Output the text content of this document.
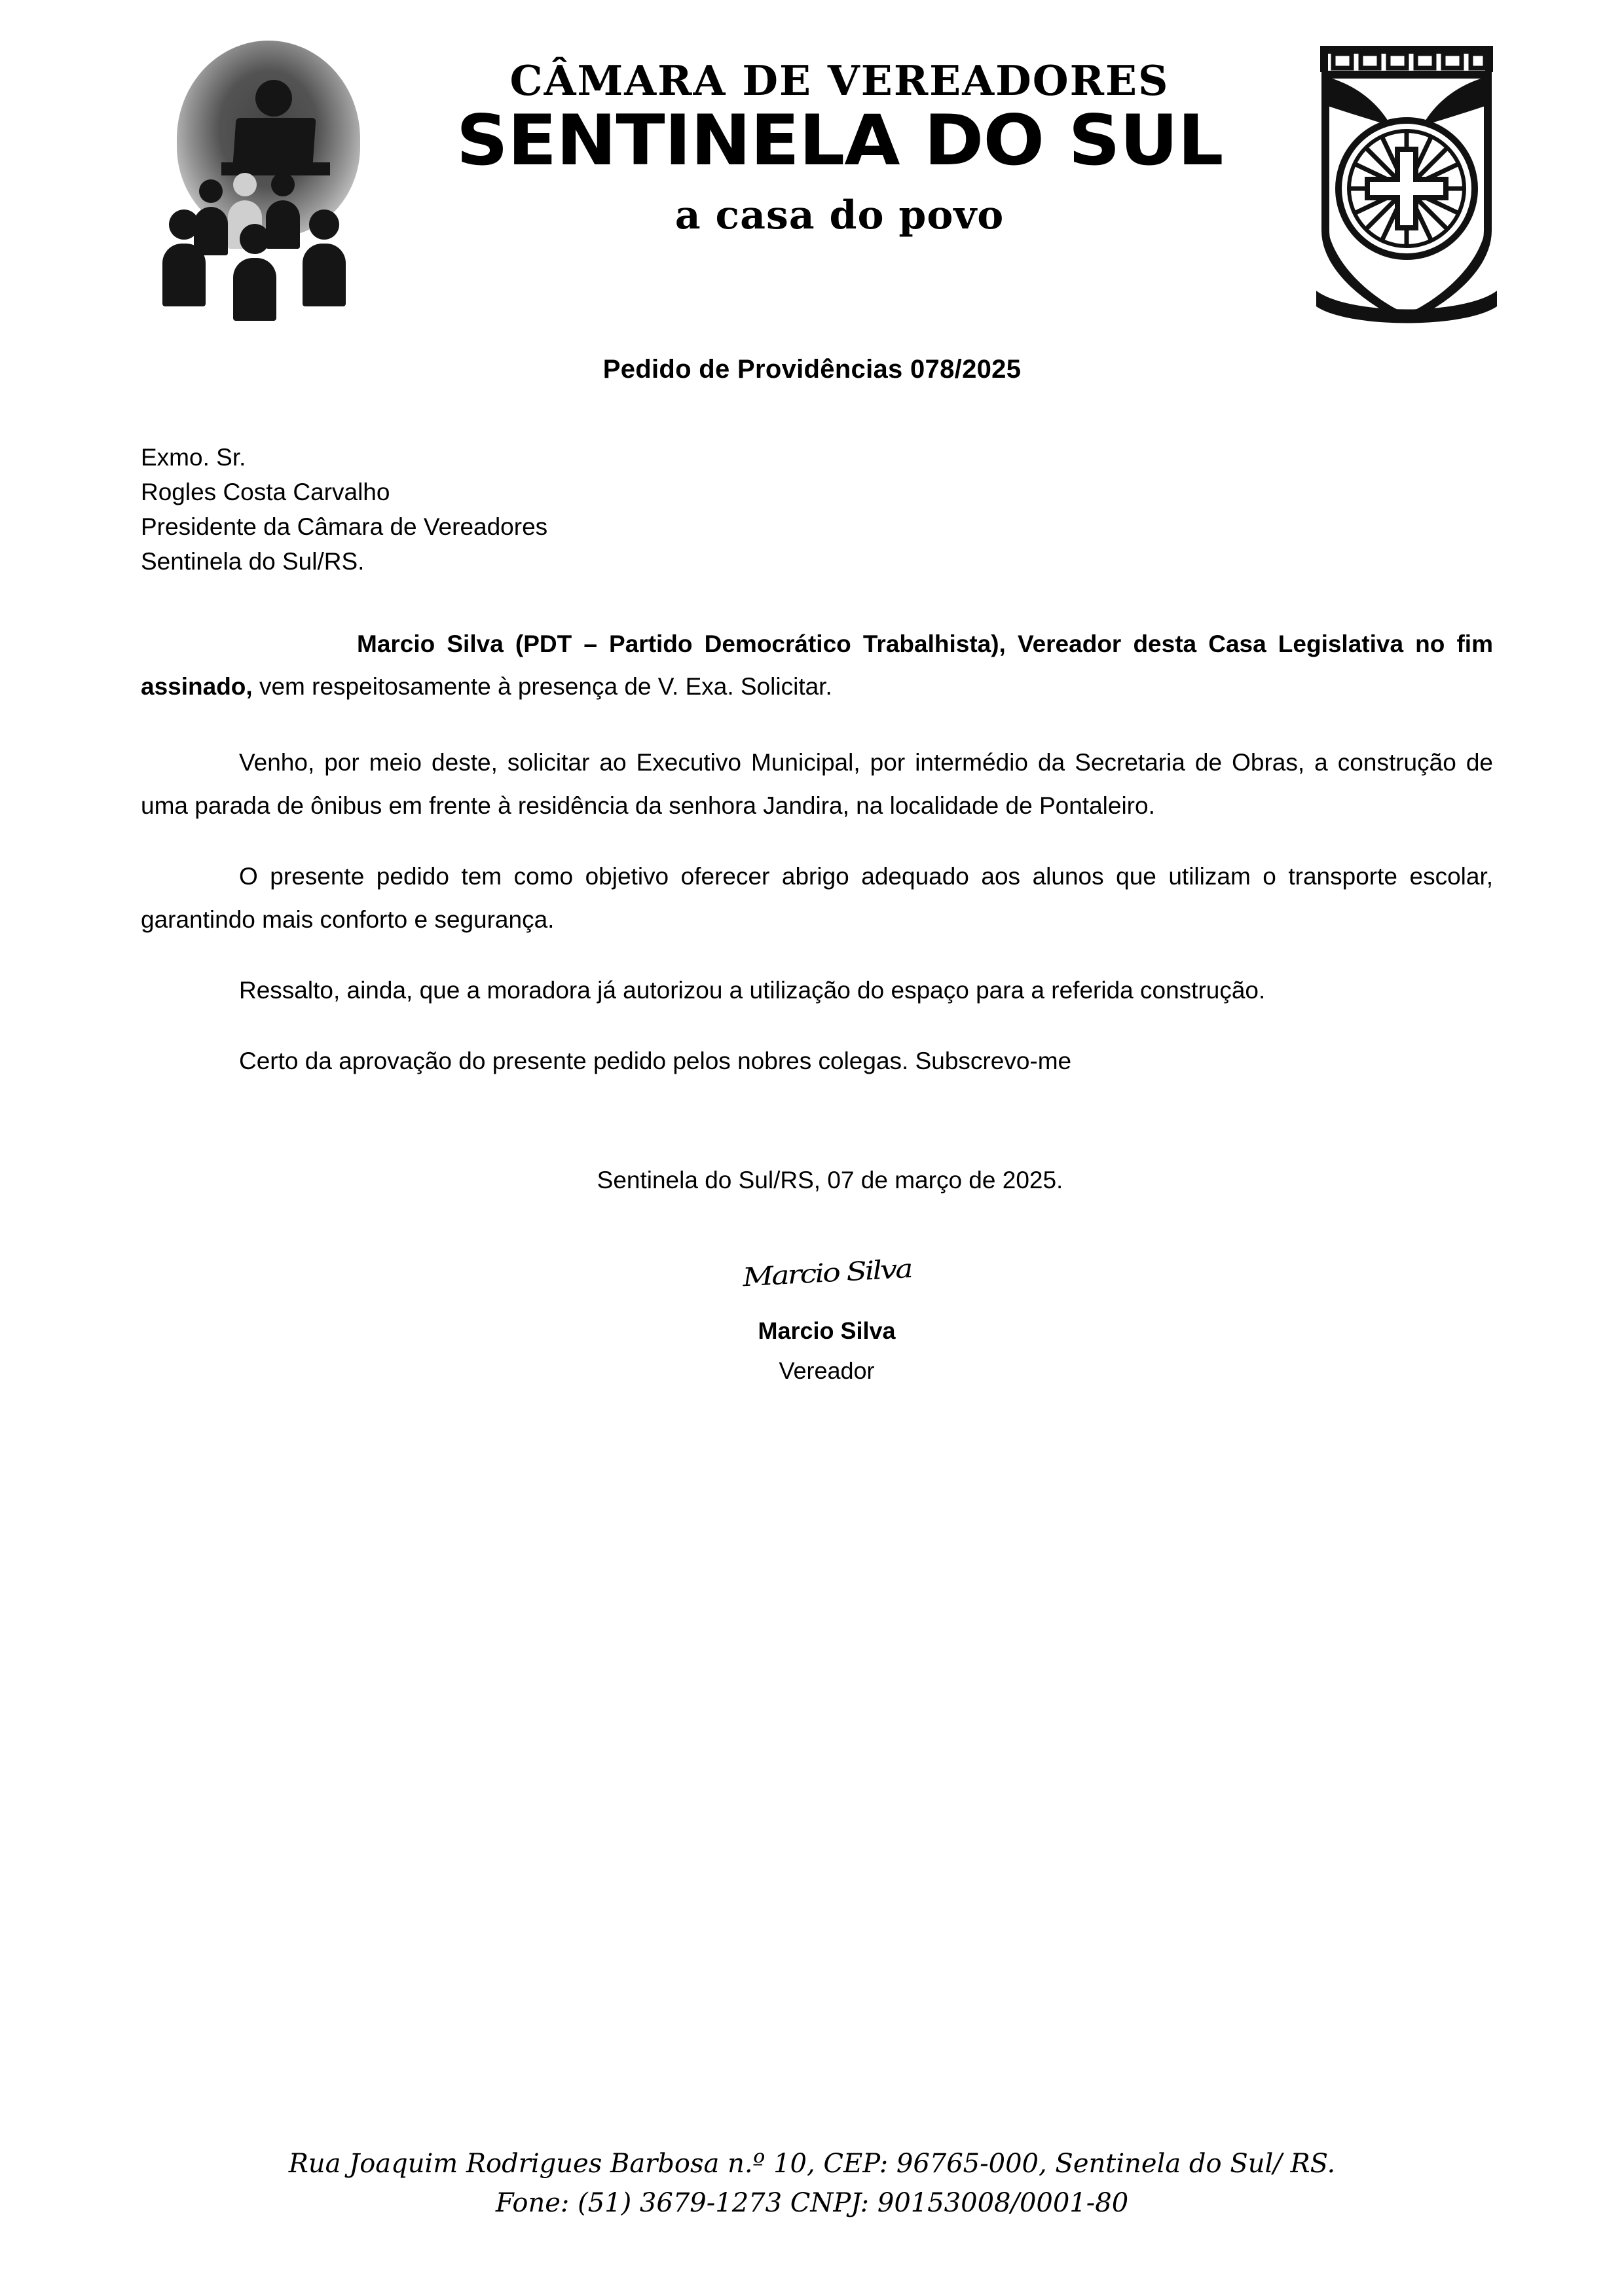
CÂMARA DE VEREADORES
SENTINELA DO SUL
a casa do povo
Pedido de Providências 078/2025

Exmo. Sr.

Rogles Costa Carvalho

Presidente da Câmara de Vereadores

Sentinela do Sul/RS.

Marcio Silva (PDT – Partido Democrático Trabalhista), Vereador desta Casa Legislativa no fim assinado, vem respeitosamente à presença de V. Exa. Solicitar.

Venho, por meio deste, solicitar ao Executivo Municipal, por intermédio da Secretaria de Obras, a construção de uma parada de ônibus em frente à residência da senhora Jandira, na localidade de Pontaleiro.

O presente pedido tem como objetivo oferecer abrigo adequado aos alunos que utilizam o transporte escolar, garantindo mais conforto e segurança.

Ressalto, ainda, que a moradora já autorizou a utilização do espaço para a referida construção.

Certo da aprovação do presente pedido pelos nobres colegas. Subscrevo-me

Sentinela do Sul/RS, 07 de março de 2025.
Marcio Silva
Marcio Silva
Vereador
Rua Joaquim Rodrigues Barbosa n.º 10, CEP: 96765-000, Sentinela do Sul/ RS.
Fone: (51) 3679-1273 CNPJ: 90153008/0001-80
